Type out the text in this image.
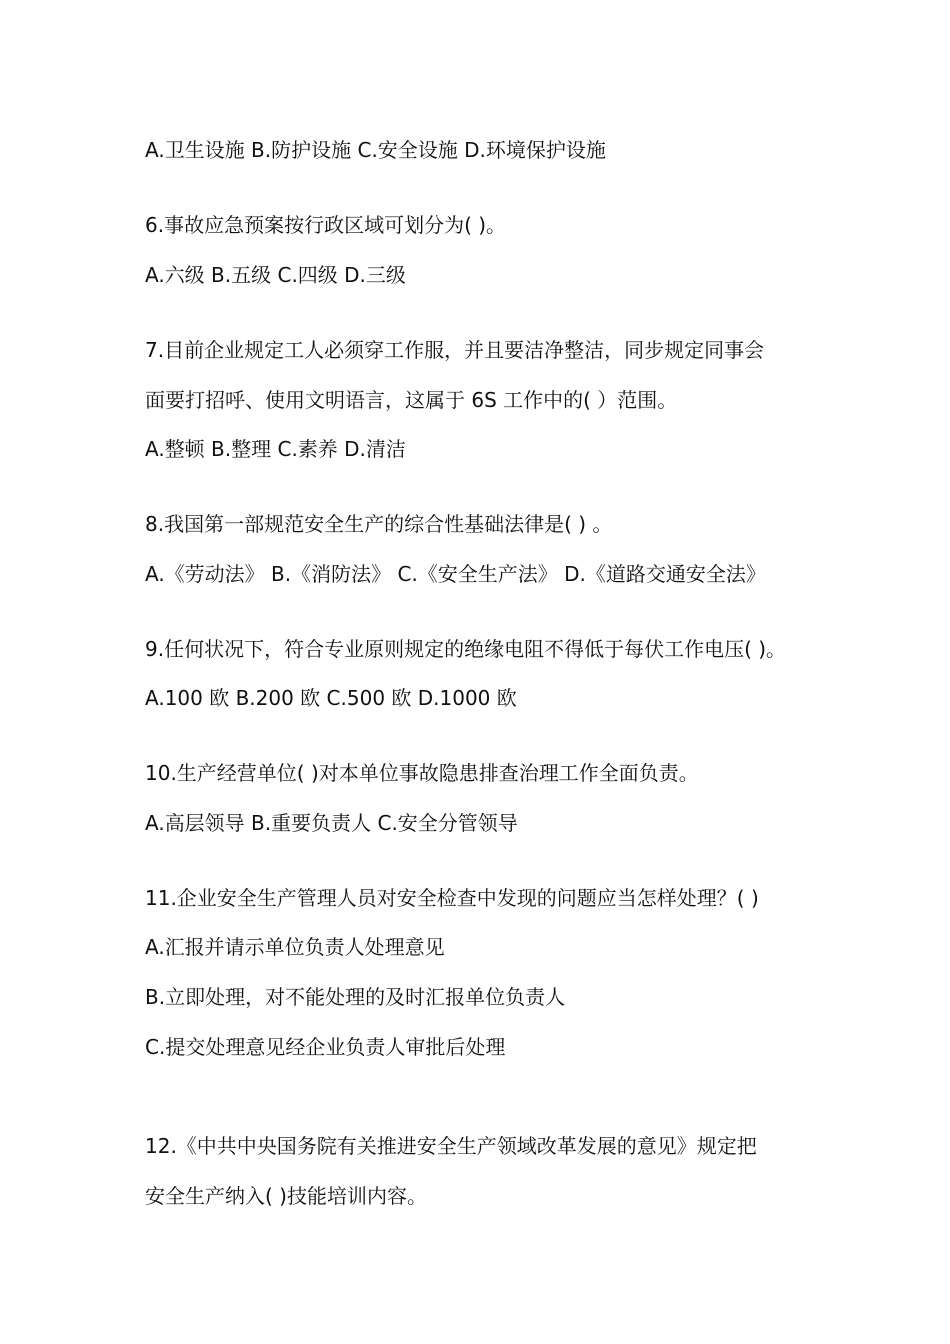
A.卫生设施 B.防护设施 C.安全设施 D.环境保护设施
6.事故应急预案按行政区域可划分为( )。
A.六级 B.五级 C.四级 D.三级
7.目前企业规定工人必须穿工作服，并且要洁净整洁，同步规定同事会
面要打招呼、使用文明语言，这属于 6S 工作中的( ）范围。
A.整顿 B.整理 C.素养 D.清洁
8.我国第一部规范安全生产的综合性基础法律是( ) 。
A.《劳动法》 B.《消防法》 C.《安全生产法》 D.《道路交通安全法》
9.任何状况下，符合专业原则规定的绝缘电阻不得低于每伏工作电压( )。
A.100 欧 B.200 欧 C.500 欧 D.1000 欧
10.生产经营单位( )对本单位事故隐患排查治理工作全面负责。
A.高层领导 B.重要负责人 C.安全分管领导
11.企业安全生产管理人员对安全检查中发现的问题应当怎样处理？( )
A.汇报并请示单位负责人处理意见
B.立即处理，对不能处理的及时汇报单位负责人
C.提交处理意见经企业负责人审批后处理
12.《中共中央国务院有关推进安全生产领域改革发展的意见》规定把
安全生产纳入( )技能培训内容。
